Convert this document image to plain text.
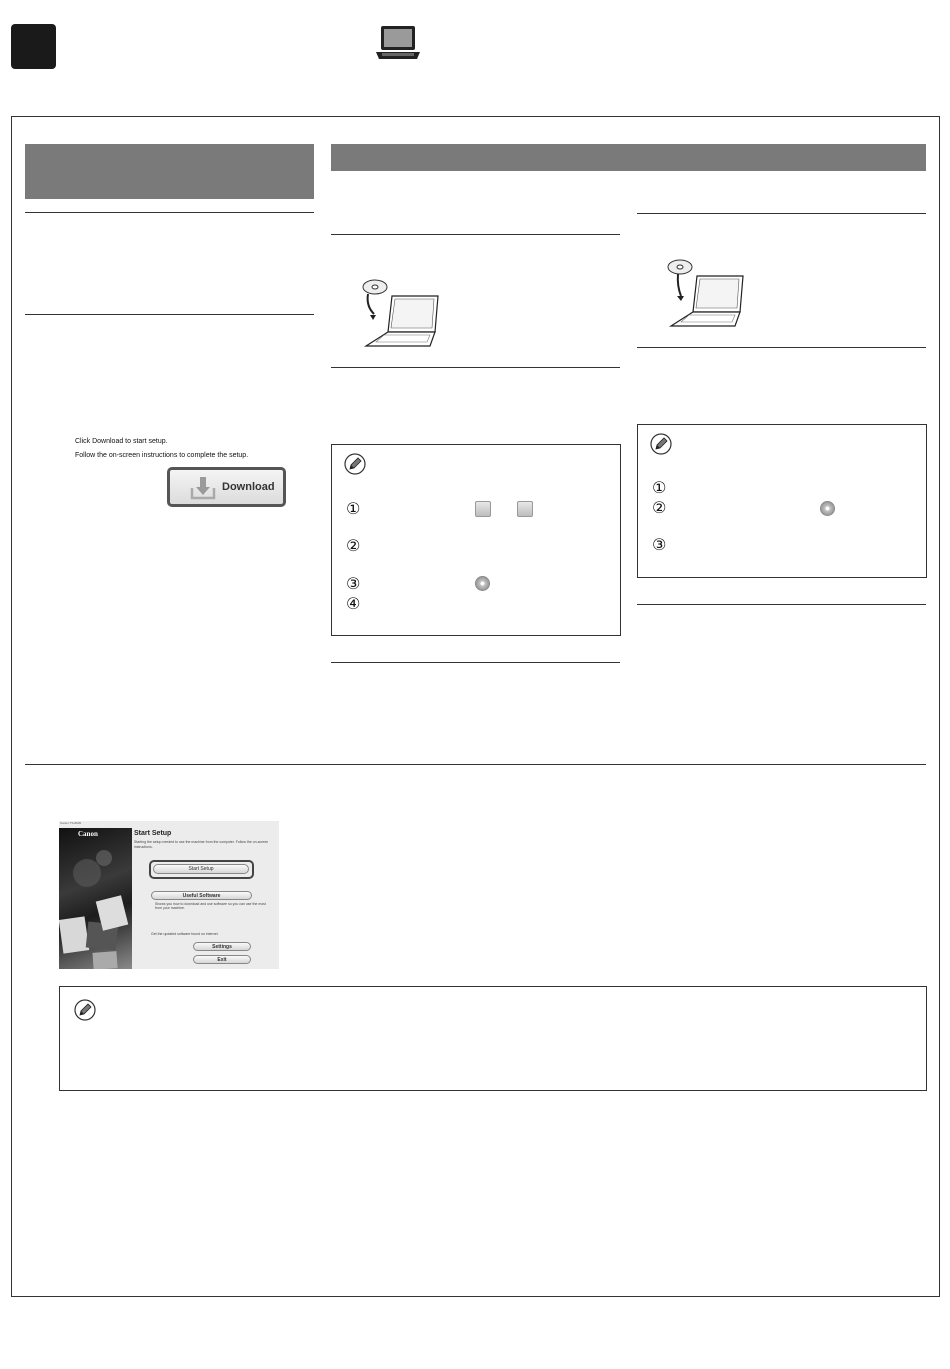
Click Download to start setup.
Follow the on-screen instructions to complete the setup.
Download
①
②
③
④
①
②
③
Canon TS-8000
Canon	Start Setup
Starting the setup needed to use the machine from the computer. Follow the on-screen instructions.
Start Setup
Useful Software
Shows you how to download and use software so you can use the most from your machine.
Get the updated software found on internet.
Settings
Exit
